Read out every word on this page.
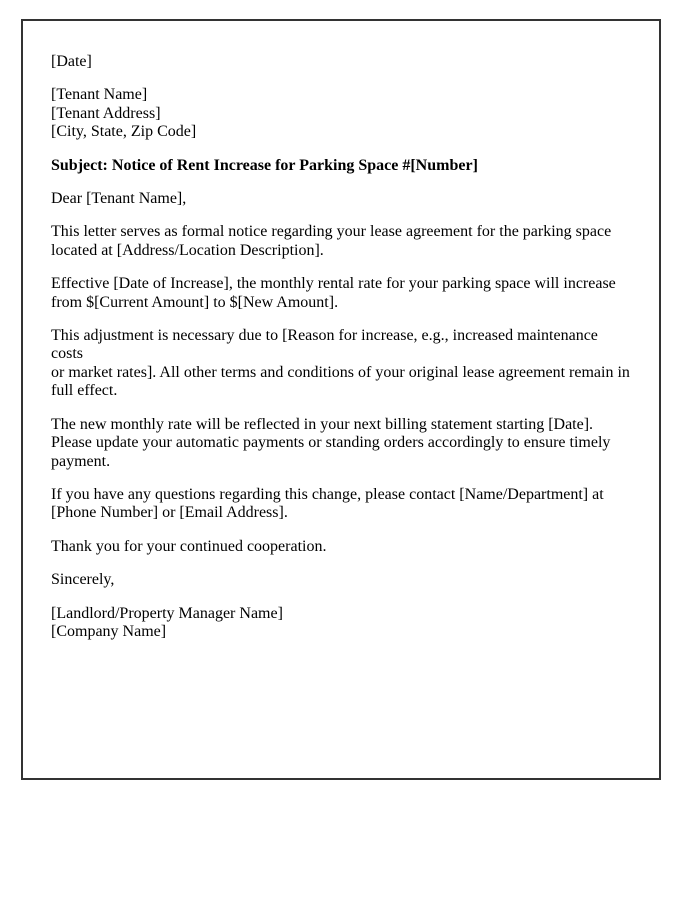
[Date]

[Tenant Name]
[Tenant Address]
[City, State, Zip Code]

Subject: Notice of Rent Increase for Parking Space #[Number]

Dear [Tenant Name],

This letter serves as formal notice regarding your lease agreement for the parking space
located at [Address/Location Description].

Effective [Date of Increase], the monthly rental rate for your parking space will increase
from $[Current Amount] to $[New Amount].

This adjustment is necessary due to [Reason for increase, e.g., increased maintenance costs
or market rates]. All other terms and conditions of your original lease agreement remain in
full effect.

The new monthly rate will be reflected in your next billing statement starting [Date].
Please update your automatic payments or standing orders accordingly to ensure timely
payment.

If you have any questions regarding this change, please contact [Name/Department] at
[Phone Number] or [Email Address].

Thank you for your continued cooperation.

Sincerely,

[Landlord/Property Manager Name]
[Company Name]
